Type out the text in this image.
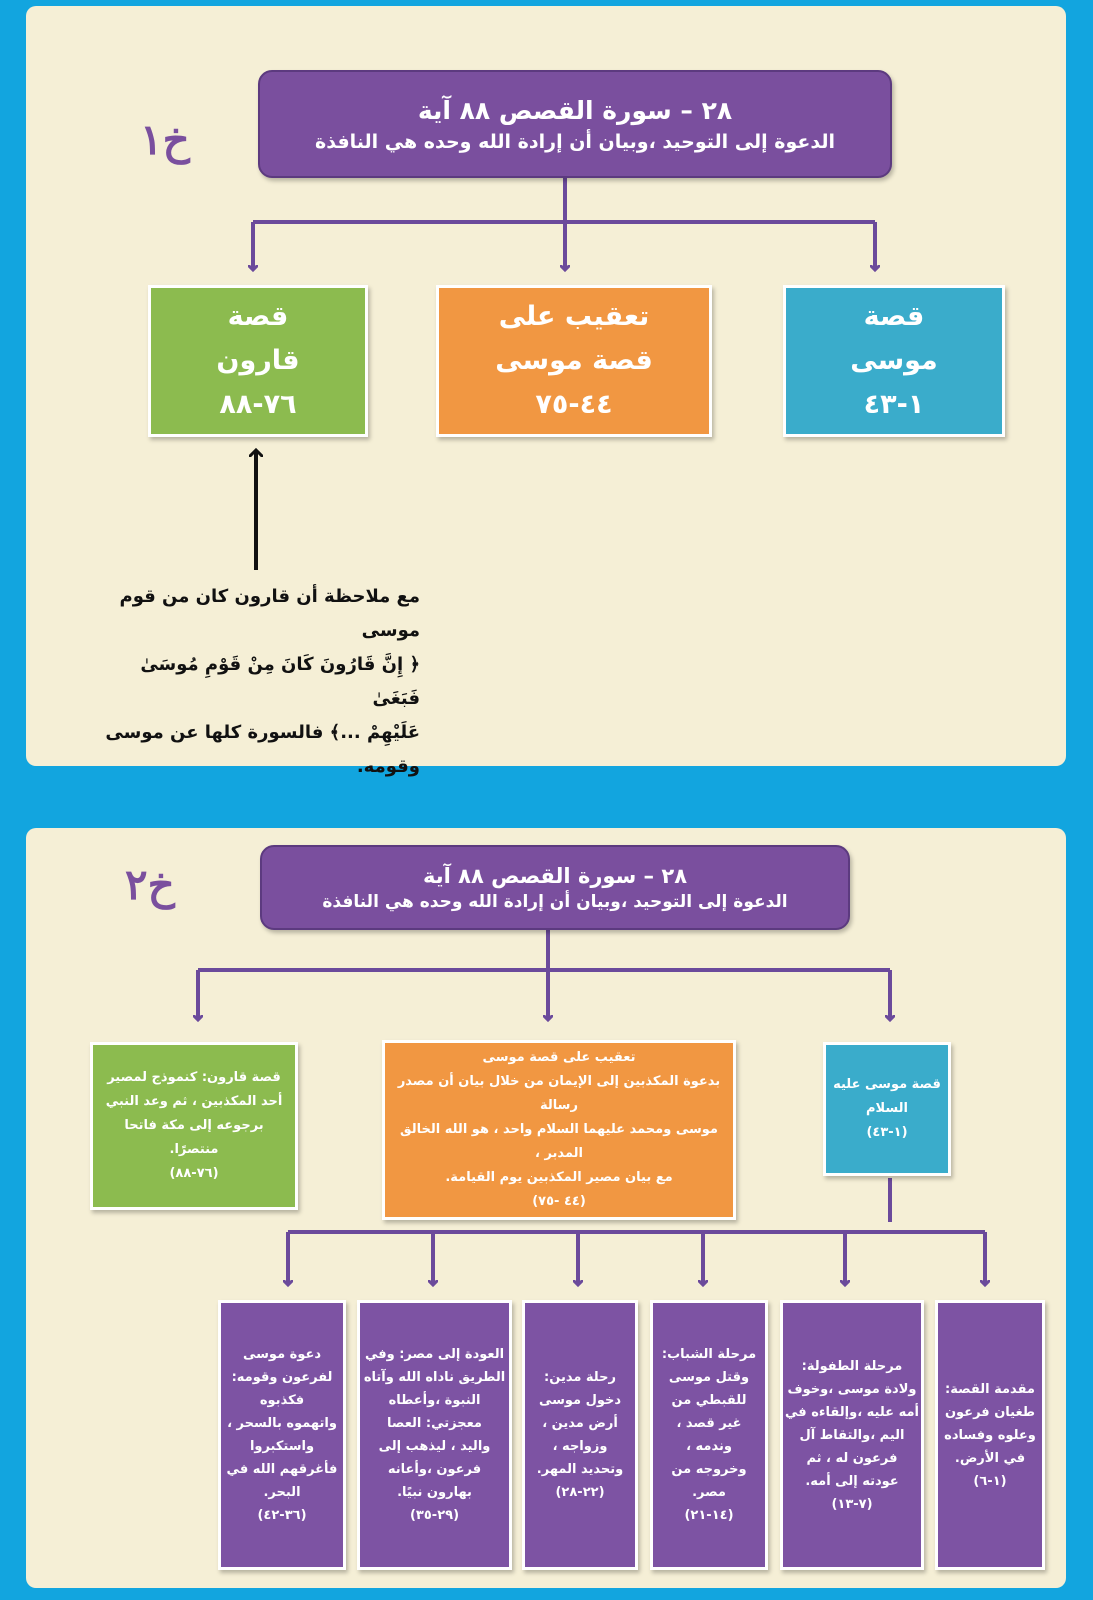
خ١
٢٨ – سورة القصص ٨٨ آية
الدعوة إلى التوحيد ،وبيان أن إرادة الله وحده هي النافذة
قصة
موسى
١-٤٣
تعقيب على
قصة موسى
٤٤-٧٥
قصة
قارون
٧٦-٨٨
مع ملاحظة أن قارون كان من قوم موسى
﴿ إِنَّ قَارُونَ كَانَ مِنْ قَوْمِ مُوسَىٰ فَبَغَىٰ
عَلَيْهِمْ ...﴾ فالسورة كلها عن موسى
وقومه.
خ٢	٢٨ – سورة القصص ٨٨ آية
الدعوة إلى التوحيد ،وبيان أن إرادة الله وحده هي النافذة
قصة موسى عليه
السلام
(١-٤٣)
تعقيب على قصة موسى
بدعوة المكذبين إلى الإيمان من خلال بيان أن مصدر رسالة
موسى ومحمد عليهما السلام واحد ، هو الله الخالق المدبر ،
مع بيان مصير المكذبين يوم القيامة.
(٤٤ -٧٥)
قصة قارون: كنموذج لمصير
أحد المكذبين ، ثم وعد النبي
برجوعه إلى مكة فاتحا
منتصرًا.
(٧٦-٨٨)
مقدمة القصة:
طغيان فرعون
وعلوه وفساده
في الأرض.
(١-٦)
مرحلة الطفولة:
ولادة موسى ،وخوف
أمه عليه ،وإلقاءه في
اليم ،والتقاط آل
فرعون له ، ثم
عودته إلى أمه.
(٧-١٣)
مرحلة الشباب:
وقتل موسى
للقبطي من
غير قصد ،
وندمه ،
وخروجه من
مصر.
(١٤-٢١)
رحلة مدين:
دخول موسى
أرض مدين ،
وزواجه ،
وتحديد المهر.
(٢٢-٢٨)
العودة إلى مصر: وفي
الطريق ناداه الله وآتاه
النبوة ،وأعطاه
معجزتي: العصا
واليد ، ليذهب إلى
فرعون ،وأعانه
بهارون نبيًا.
(٢٩-٣٥)
دعوة موسى
لفرعون وقومه:
فكذبوه
واتهموه بالسحر ،
واستكبروا
فأغرقهم الله في
البحر.
(٣٦-٤٢)
